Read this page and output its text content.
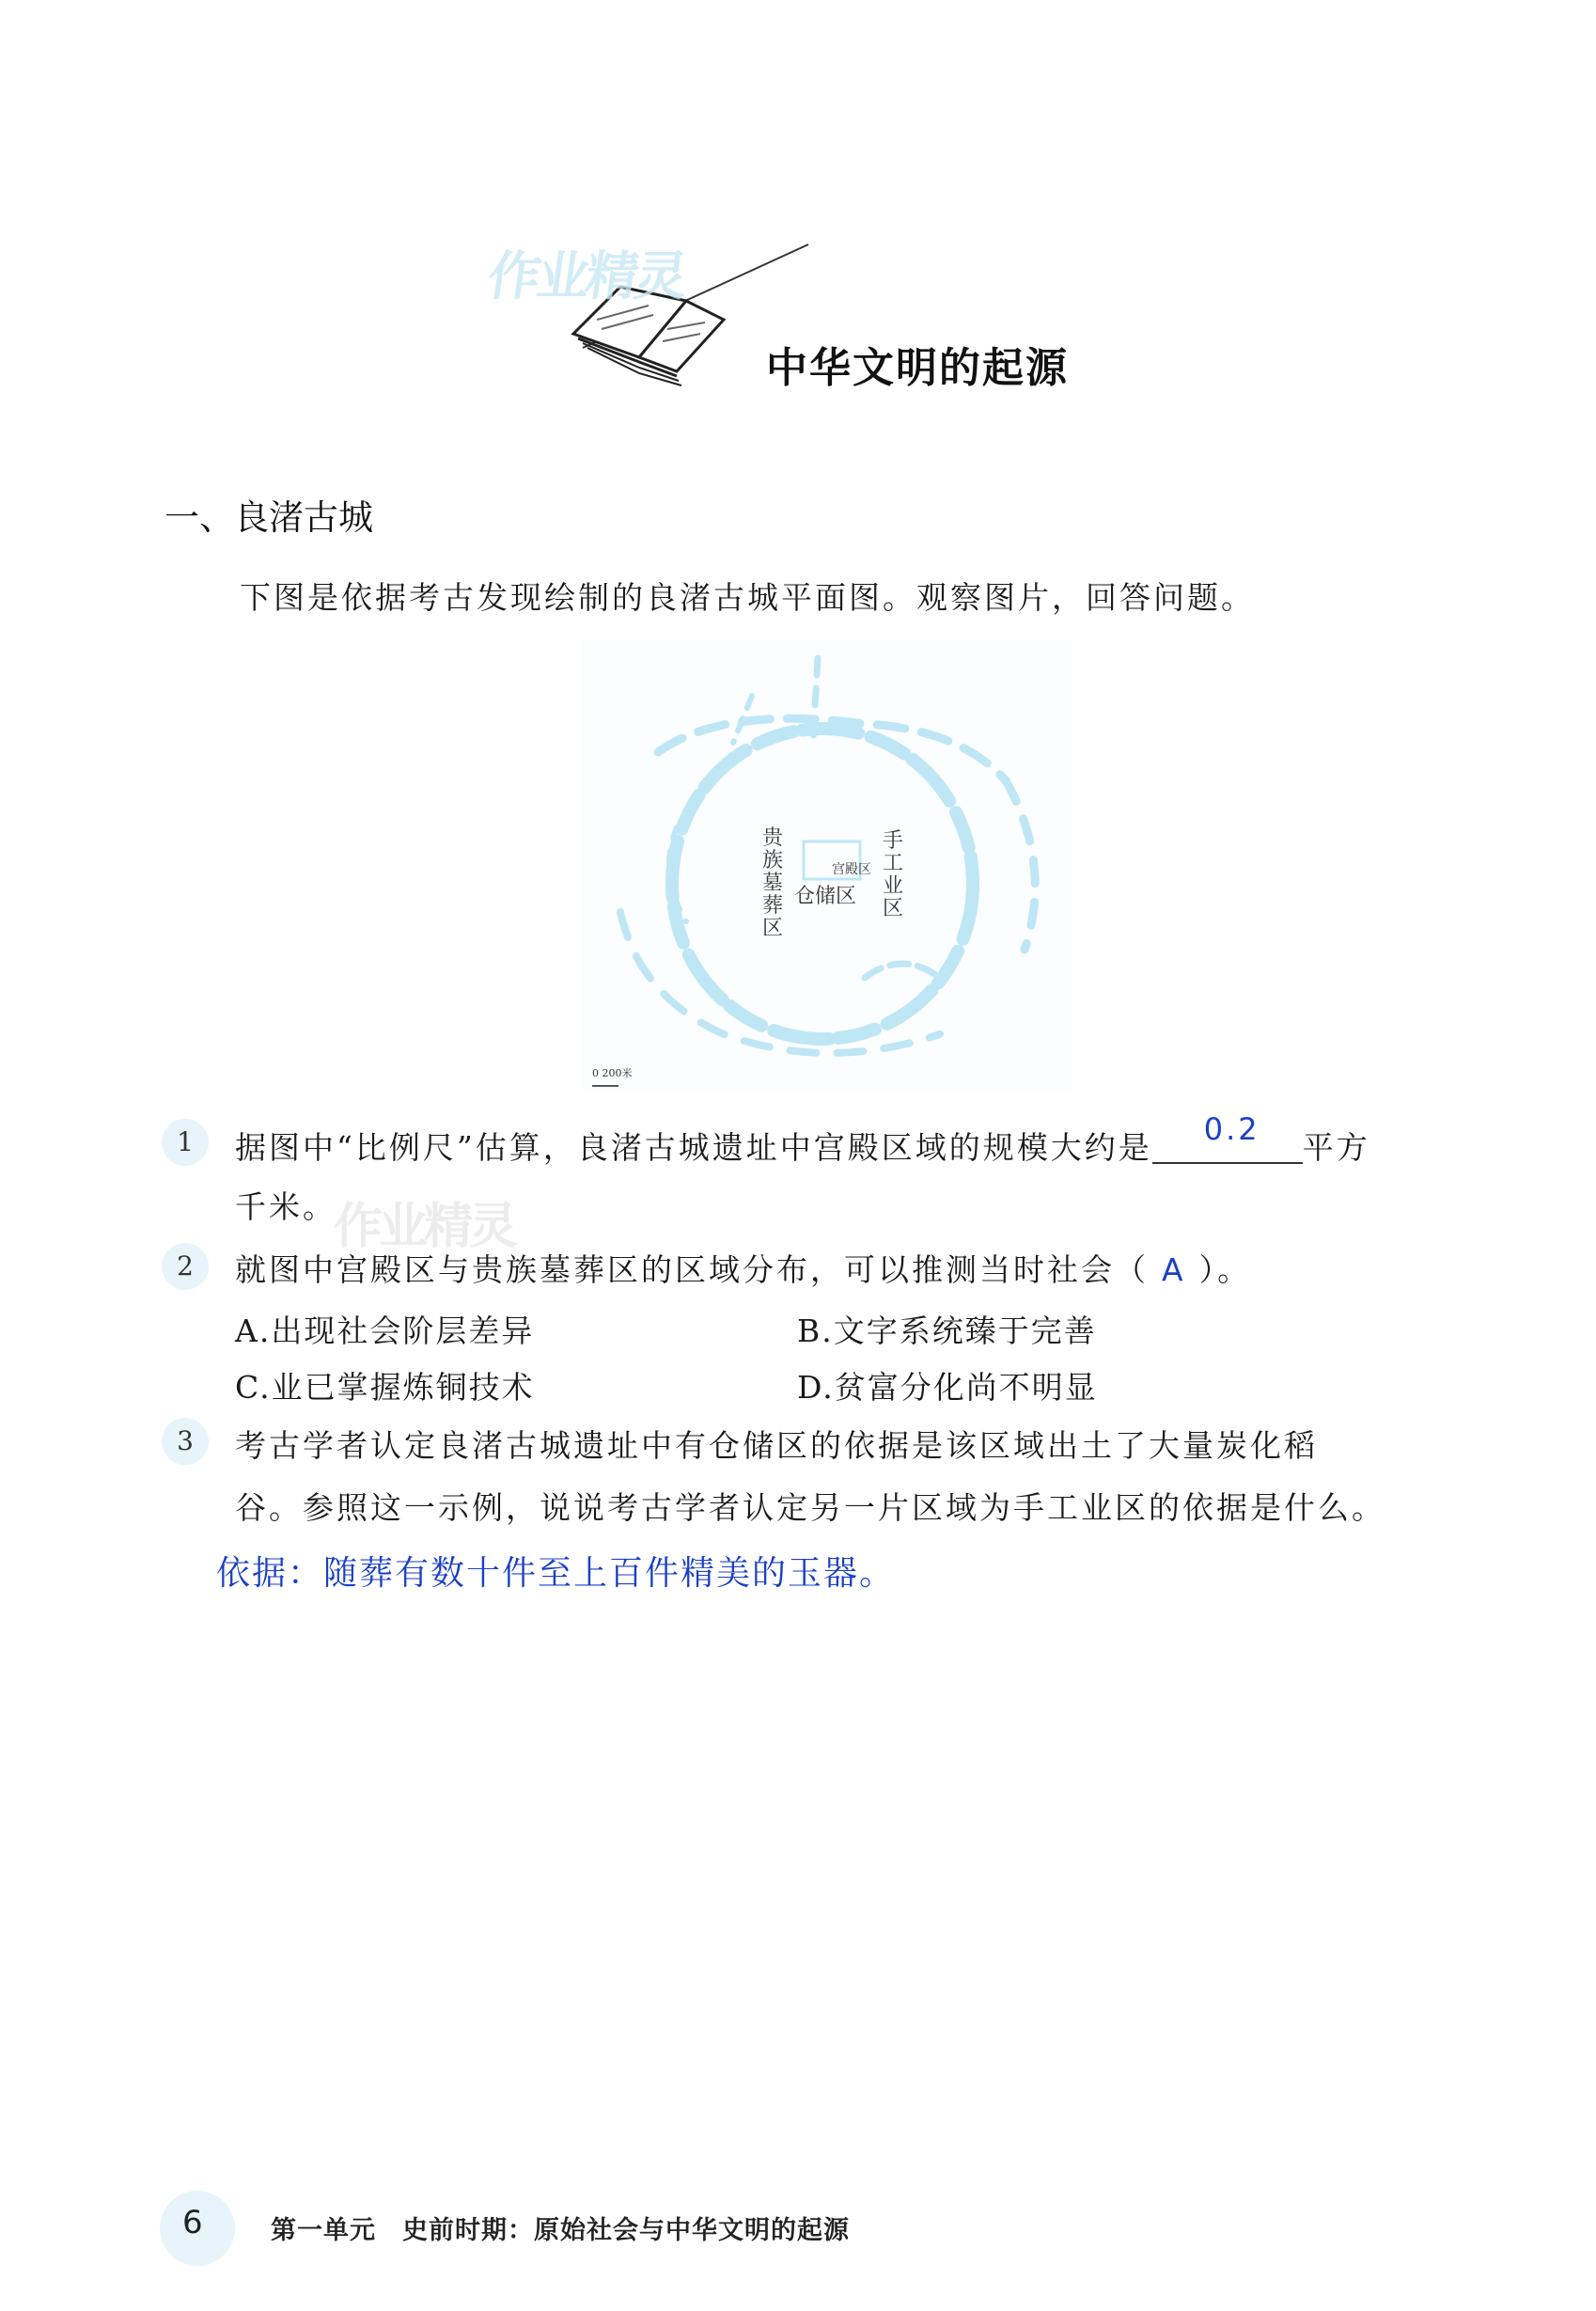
作业精灵
中华文明的起源
一、良渚古城
下图是依据考古发现绘制的良渚古城平面图。观察图片，回答问题。
贵族墓葬区
宫殿区
仓储区
手工业区
0 200米
1	据图中“比例尺”估算，良渚古城遗址中宫殿区域的规模大约是 0.2 平方
千米。
作业精灵
2	就图中宫殿区与贵族墓葬区的区域分布，可以推测当时社会（ A ）。
A.出现社会阶层差异	B.文字系统臻于完善
C.业已掌握炼铜技术	D.贫富分化尚不明显
3	考古学者认定良渚古城遗址中有仓储区的依据是该区域出土了大量炭化稻
谷。参照这一示例，说说考古学者认定另一片区域为手工业区的依据是什么。
依据：随葬有数十件至上百件精美的玉器。
6	第一单元　史前时期：原始社会与中华文明的起源
